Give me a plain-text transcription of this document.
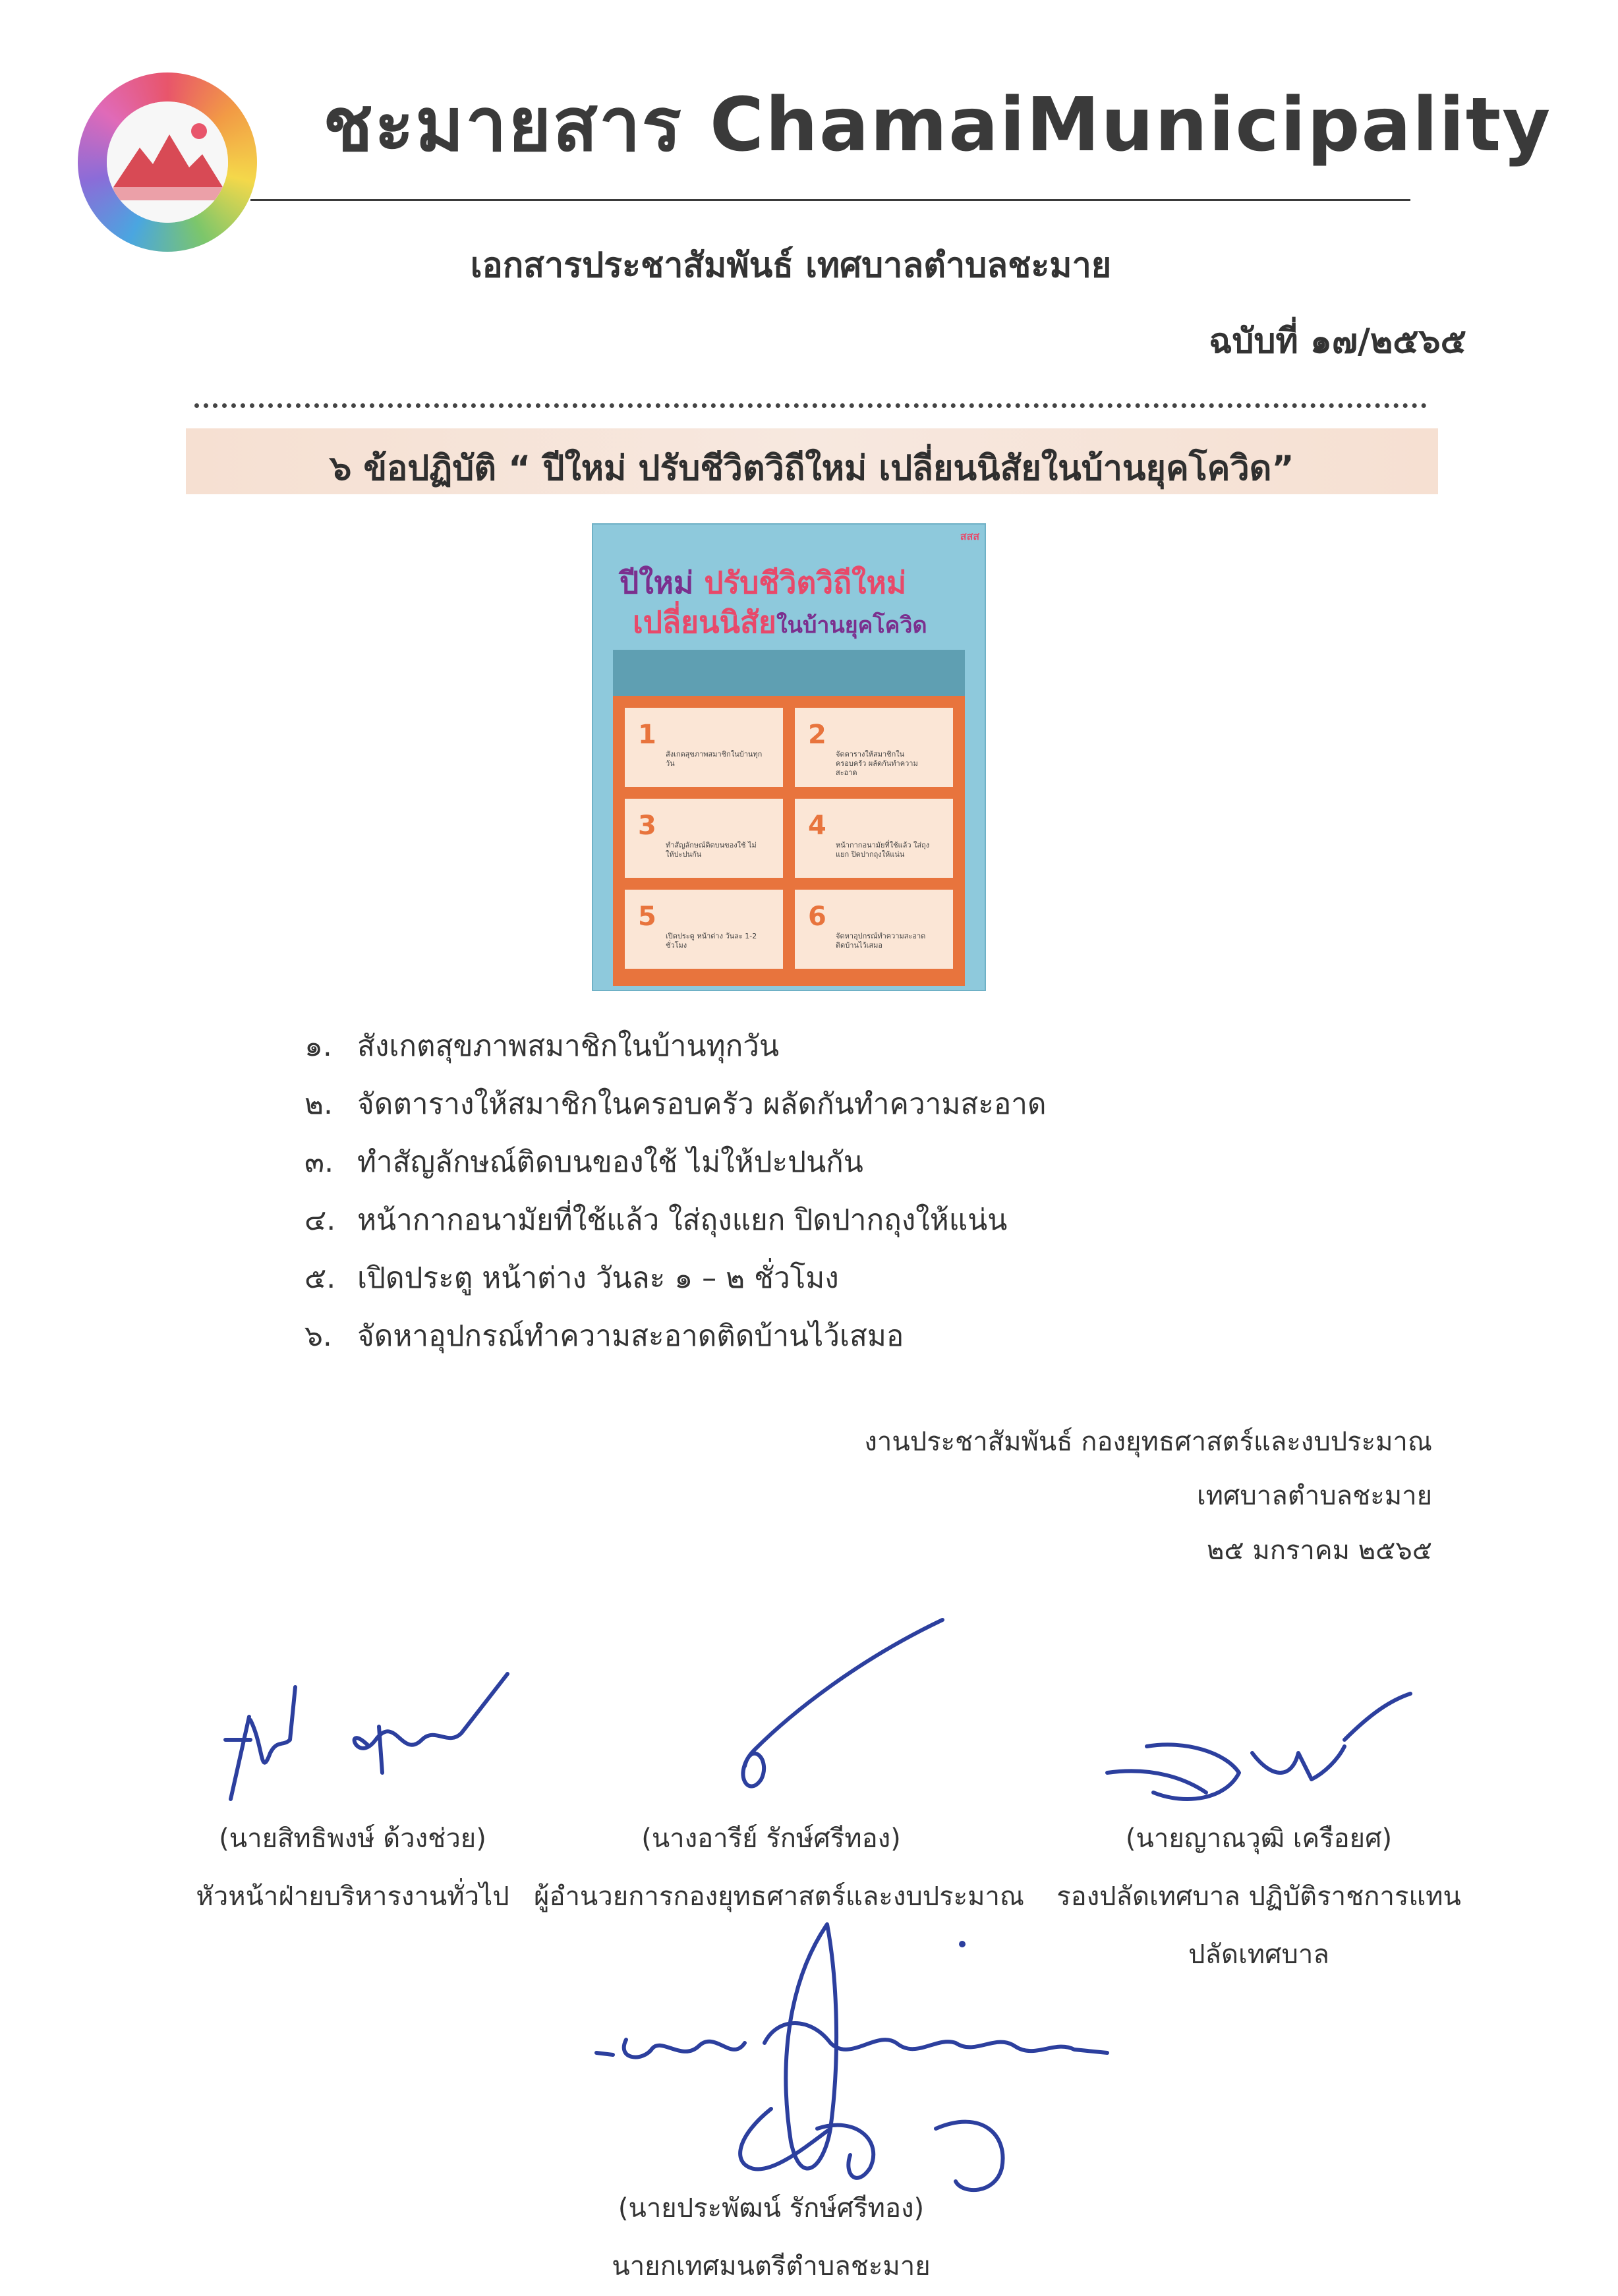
ชะมายสาร ChamaiMunicipality
เอกสารประชาสัมพันธ์ เทศบาลตำบลชะมาย
ฉบับที่ ๑๗/๒๕๖๕
๖ ข้อปฏิบัติ “ ปีใหม่ ปรับชีวิตวิถีใหม่ เปลี่ยนนิสัยในบ้านยุคโควิด”
สสส
ปีใหม่ ปรับชีวิตวิถีใหม่
เปลี่ยนนิสัยในบ้านยุคโควิด
1
สังเกตสุขภาพสมาชิกในบ้านทุกวัน
2
จัดตารางให้สมาชิกในครอบครัว ผลัดกันทำความสะอาด
3
ทำสัญลักษณ์ติดบนของใช้ ไม่ให้ปะปนกัน
4
หน้ากากอนามัยที่ใช้แล้ว ใส่ถุงแยก ปิดปากถุงให้แน่น
5
เปิดประตู หน้าต่าง วันละ 1-2 ชั่วโมง
6
จัดหาอุปกรณ์ทำความสะอาด ติดบ้านไว้เสมอ
๑. สังเกตสุขภาพสมาชิกในบ้านทุกวัน
๒. จัดตารางให้สมาชิกในครอบครัว ผลัดกันทำความสะอาด
๓. ทำสัญลักษณ์ติดบนของใช้ ไม่ให้ปะปนกัน
๔. หน้ากากอนามัยที่ใช้แล้ว ใส่ถุงแยก ปิดปากถุงให้แน่น
๕. เปิดประตู หน้าต่าง วันละ ๑ – ๒ ชั่วโมง
๖. จัดหาอุปกรณ์ทำความสะอาดติดบ้านไว้เสมอ
งานประชาสัมพันธ์ กองยุทธศาสตร์และงบประมาณ
เทศบาลตำบลชะมาย
๒๕ มกราคม ๒๕๖๕
(นายสิทธิพงษ์ ด้วงช่วย)
หัวหน้าฝ่ายบริหารงานทั่วไป
(นางอารีย์ รักษ์ศรีทอง)
ผู้อำนวยการกองยุทธศาสตร์และงบประมาณ
(นายญาณวุฒิ เครือยศ)
รองปลัดเทศบาล ปฏิบัติราชการแทน
ปลัดเทศบาล
(นายประพัฒน์ รักษ์ศรีทอง)
นายกเทศมนตรีตำบลชะมาย
